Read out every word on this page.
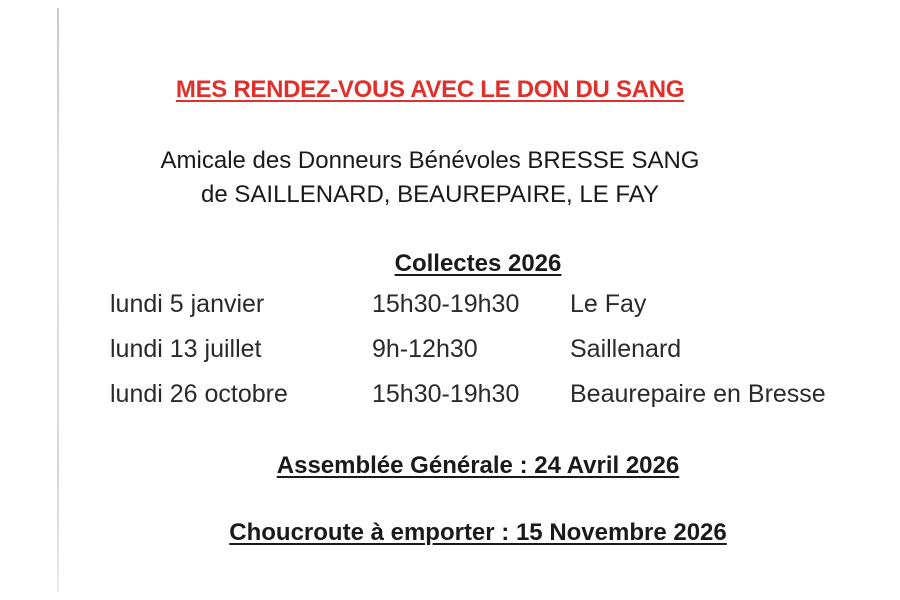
MES RENDEZ-VOUS AVEC LE DON DU SANG
Amicale des Donneurs Bénévoles BRESSE SANG
de SAILLENARD, BEAUREPAIRE, LE FAY
Collectes 2026
lundi 5 janvier	15h30-19h30 Le Fay
lundi 13 juillet	9h-12h30	Saillenard
lundi 26 octobre	15h30-19h30 Beaurepaire en Bresse
Assemblée Générale : 24 Avril 2026
Choucroute à emporter : 15 Novembre 2026
